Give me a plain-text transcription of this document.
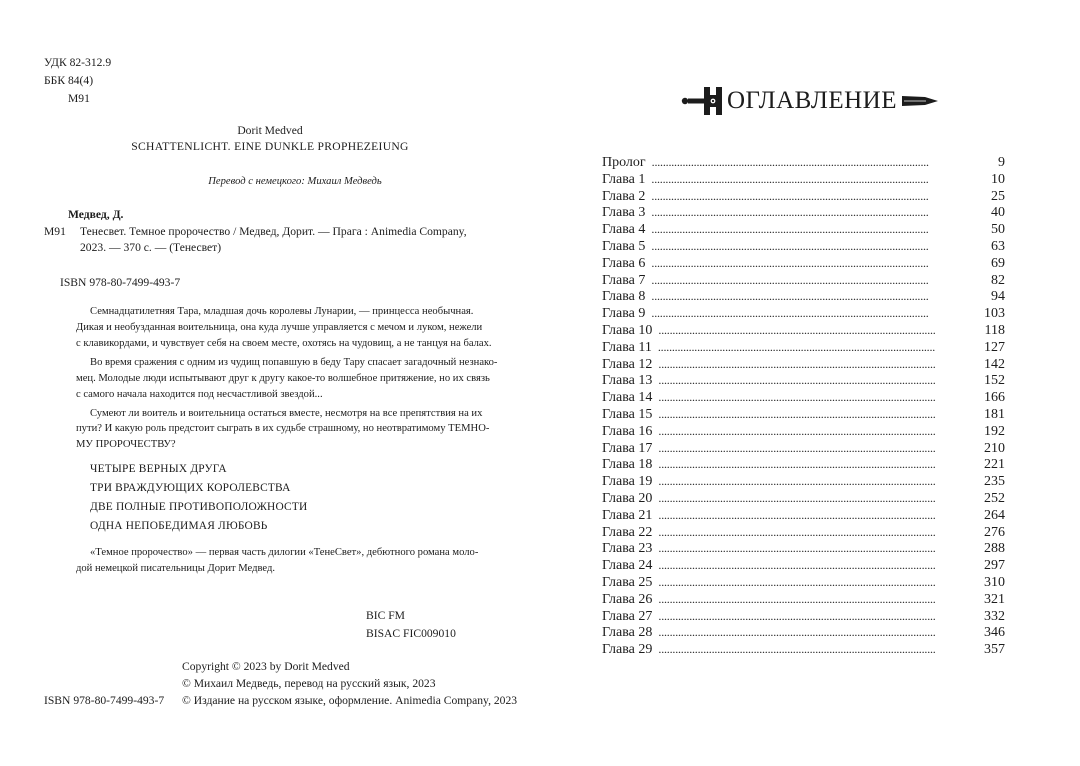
УДК 82-312.9
ББК 84(4)
М91
Dorit Medved
SCHATTENLICHT. EINE DUNKLE PROPHEZEIUNG
Перевод с немецкого: Михаил Медведь
Медвед, Д.
М91 Тенесвет. Темное пророчество / Медвед, Дорит. — Прага : Animedia Company,
2023. — 370 с. — (Тенесвет)
ISBN 978-80-7499-493-7
Семнадцатилетняя Тара, младшая дочь королевы Лунарии, — принцесса необычная.
Дикая и необузданная воительница, она куда лучше управляется с мечом и луком, нежели
с клавикордами, и чувствует себя на своем месте, охотясь на чудовищ, а не танцуя на балах.
Во время сражения с одним из чудищ попавшую в беду Тару спасает загадочный незнако-
мец. Молодые люди испытывают друг к другу какое-то волшебное притяжение, но их связь
с самого начала находится под несчастливой звездой...
Сумеют ли воитель и воительница остаться вместе, несмотря на все препятствия на их
пути? И какую роль предстоит сыграть в их судьбе страшному, но неотвратимому ТЕМНО-
МУ ПРОРОЧЕСТВУ?
ЧЕТЫРЕ ВЕРНЫХ ДРУГА
ТРИ ВРАЖДУЮЩИХ КОРОЛЕВСТВА
ДВЕ ПОЛНЫЕ ПРОТИВОПОЛОЖНОСТИ
ОДНА НЕПОБЕДИМАЯ ЛЮБОВЬ
«Темное пророчество» — первая часть дилогии «ТенеСвет», дебютного романа моло-
дой немецкой писательницы Дорит Медвед.
BIC FM
BISAC FIC009010
Copyright © 2023 by Dorit Medved
© Михаил Медведь, перевод на русский язык, 2023
ISBN 978-80-7499-493-7 © Издание на русском языке, оформление. Animedia Company, 2023
ОГЛАВЛЕНИЕ
Пролог . . .	9
Глава 1 . . .	10
Глава 2 . . .	25
Глава 3 . . .	40
Глава 4 . . .	50
Глава 5 . . .	63
Глава 6 . . .	69
Глава 7 . . .	82
Глава 8 . . .	94
Глава 9 . . .	103
Глава 10 . . .	118
Глава 11 . . .	127
Глава 12 . . .	142
Глава 13 . . .	152
Глава 14 . . .	166
Глава 15 . . .	181
Глава 16 . . .	192
Глава 17 . . .	210
Глава 18 . . .	221
Глава 19 . . .	235
Глава 20 . . .	252
Глава 21 . . .	264
Глава 22 . . .	276
Глава 23 . . .	288
Глава 24 . . .	297
Глава 25 . . .	310
Глава 26 . . .	321
Глава 27 . . .	332
Глава 28 . . .	346
Глава 29 . . .	357
